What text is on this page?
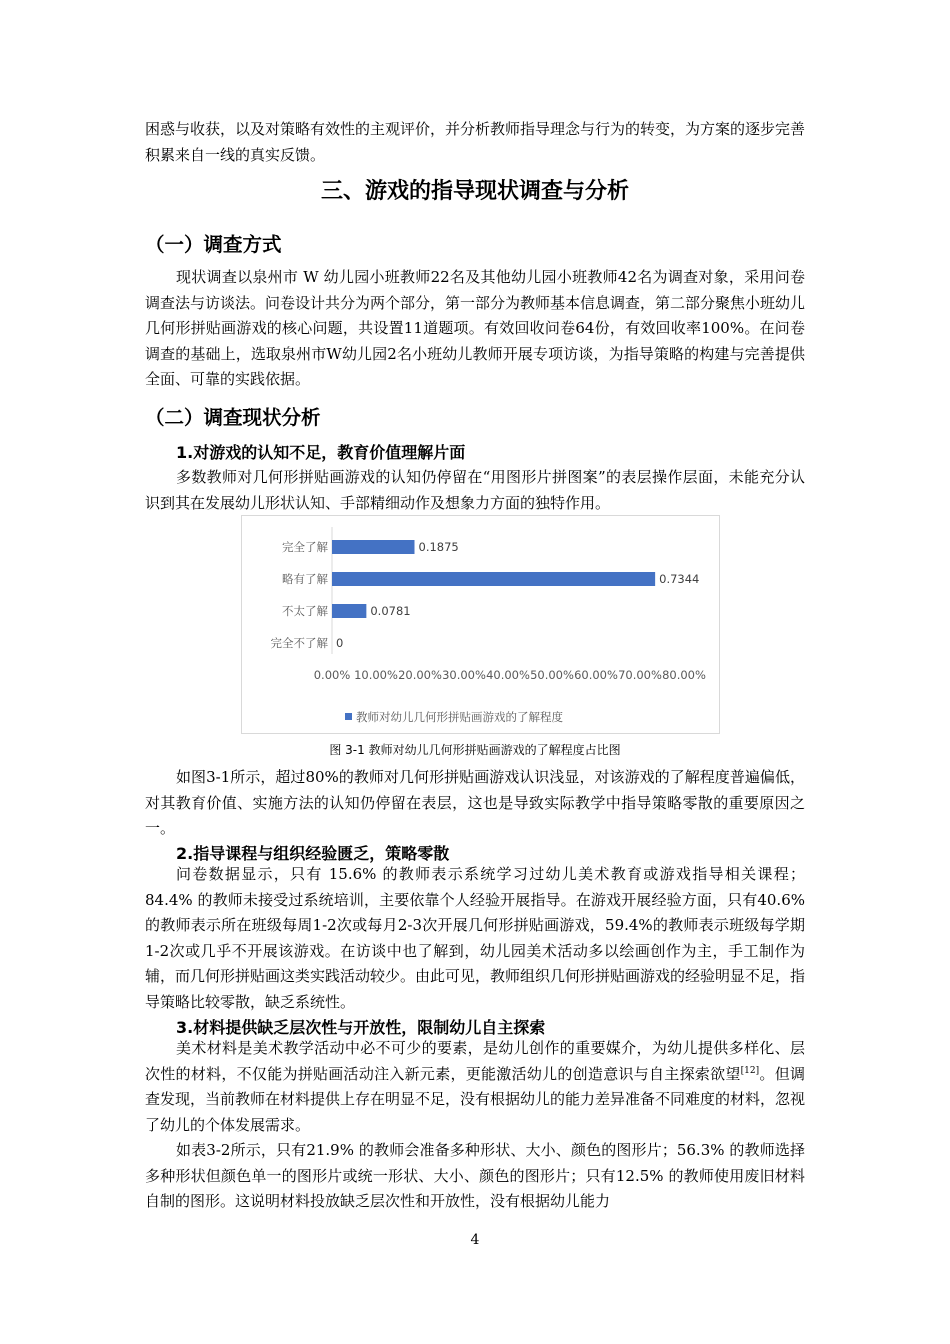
困惑与收获，以及对策略有效性的主观评价，并分析教师指导理念与行为的转变，为方案的逐步完善积累来自一线的真实反馈。

三、游戏的指导现状调查与分析
（一）调查方式

现状调查以泉州市 W 幼儿园小班教师22名及其他幼儿园小班教师42名为调查对象，采用问卷调查法与访谈法。问卷设计共分为两个部分，第一部分为教师基本信息调查，第二部分聚焦小班幼儿几何形拼贴画游戏的核心问题，共设置11道题项。有效回收问卷64份，有效回收率100%。在问卷调查的基础上，选取泉州市W幼儿园2名小班幼儿教师开展专项访谈，为指导策略的构建与完善提供全面、可靠的实践依据。

（二）调查现状分析
1.对游戏的认知不足，教育价值理解片面

多数教师对几何形拼贴画游戏的认知仍停留在“用图形片拼图案”的表层操作层面，未能充分认识到其在发展幼儿形状认知、手部精细动作及想象力方面的独特作用。

完全了解	0.1875
略有了解	0.7344
不太了解	0.0781
完全不了解 0
0.00% 10.00% 20.00% 30.00% 40.00% 50.00% 60.00% 70.00% 80.00%
教师对幼儿几何形拼贴画游戏的了解程度
图 3-1 教师对幼儿几何形拼贴画游戏的了解程度占比图

如图3-1所示，超过80%的教师对几何形拼贴画游戏认识浅显，对该游戏的了解程度普遍偏低，对其教育价值、实施方法的认知仍停留在表层，这也是导致实际教学中指导策略零散的重要原因之一。

2.指导课程与组织经验匮乏，策略零散

问卷数据显示，只有 15.6% 的教师表示系统学习过幼儿美术教育或游戏指导相关课程；84.4% 的教师未接受过系统培训，主要依靠个人经验开展指导。在游戏开展经验方面，只有40.6%的教师表示所在班级每周1-2次或每月2-3次开展几何形拼贴画游戏，59.4%的教师表示班级每学期1-2次或几乎不开展该游戏。在访谈中也了解到，幼儿园美术活动多以绘画创作为主，手工制作为辅，而几何形拼贴画这类实践活动较少。由此可见，教师组织几何形拼贴画游戏的经验明显不足，指导策略比较零散，缺乏系统性。

3.材料提供缺乏层次性与开放性，限制幼儿自主探索

美术材料是美术教学活动中必不可少的要素，是幼儿创作的重要媒介，为幼儿提供多样化、层次性的材料，不仅能为拼贴画活动注入新元素，更能激活幼儿的创造意识与自主探索欲望[12]。但调查发现，当前教师在材料提供上存在明显不足，没有根据幼儿的能力差异准备不同难度的材料，忽视了幼儿的个体发展需求。

如表3-2所示，只有21.9% 的教师会准备多种形状、大小、颜色的图形片；56.3% 的教师选择多种形状但颜色单一的图形片或统一形状、大小、颜色的图形片；只有12.5% 的教师使用废旧材料自制的图形。这说明材料投放缺乏层次性和开放性，没有根据幼儿能力

4
